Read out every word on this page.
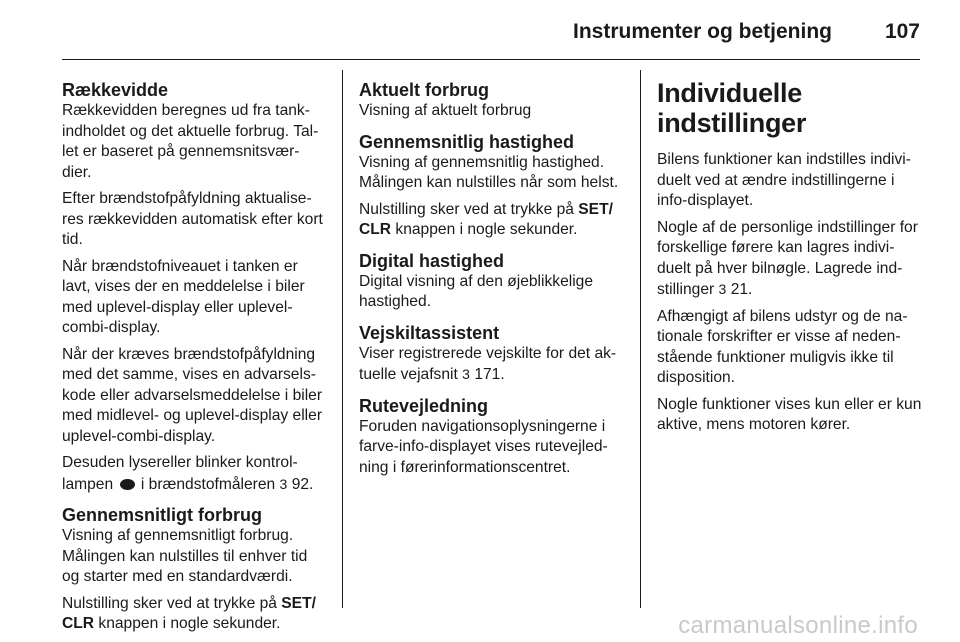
Instrumenter og betjening	107
Rækkevidde

Rækkevidden beregnes ud fra tank- indholdet og det aktuelle forbrug. Tal- let er baseret på gennemsnitsvær- dier.

Efter brændstofpåfyldning aktualise- res rækkevidden automatisk efter kort tid.

Når brændstofniveauet i tanken er lavt, vises der en meddelelse i biler med uplevel-display eller uplevel- combi-display.

Når der kræves brændstofpåfyldning med det samme, vises en advarsels- kode eller advarselsmeddelelse i biler med midlevel- og uplevel-display eller uplevel-combi-display.

Desuden lysereller blinker kontrol- lampen i brændstofmåleren 3 92.

Gennemsnitligt forbrug

Visning af gennemsnitligt forbrug. Målingen kan nulstilles til enhver tid og starter med en standardværdi.

Nulstilling sker ved at trykke på SET/ CLR knappen i nogle sekunder.

Aktuelt forbrug

Visning af aktuelt forbrug

Gennemsnitlig hastighed

Visning af gennemsnitlig hastighed. Målingen kan nulstilles når som helst.

Nulstilling sker ved at trykke på SET/ CLR knappen i nogle sekunder.

Digital hastighed

Digital visning af den øjeblikkelige hastighed.

Vejskiltassistent

Viser registrerede vejskilte for det ak- tuelle vejafsnit 3 171.

Rutevejledning

Foruden navigationsoplysningerne i farve-info-displayet vises rutevejled- ning i førerinformationscentret.

Individuelle indstillinger

Bilens funktioner kan indstilles indivi- duelt ved at ændre indstillingerne i info-displayet.

Nogle af de personlige indstillinger for forskellige førere kan lagres indivi- duelt på hver bilnøgle. Lagrede ind- stillinger 3 21.

Afhængigt af bilens udstyr og de na- tionale forskrifter er visse af neden- stående funktioner muligvis ikke til disposition.

Nogle funktioner vises kun eller er kun aktive, mens motoren kører.

carmanualsonline.info
